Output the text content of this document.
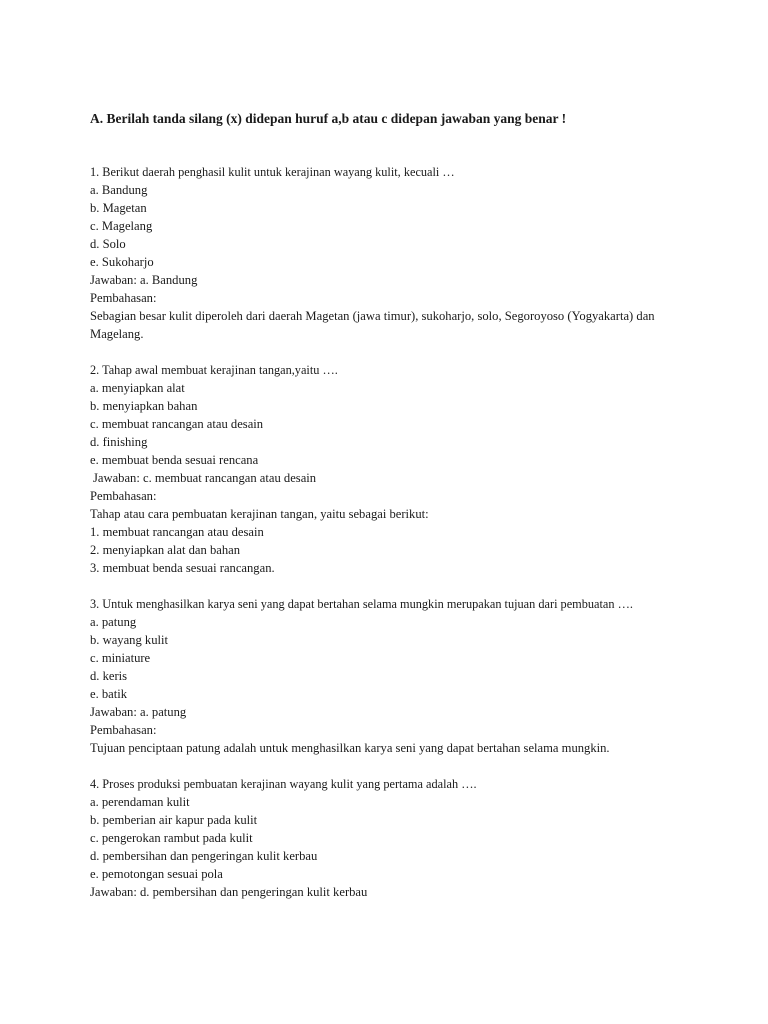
A. Berilah tanda silang (x) didepan huruf a,b atau c didepan jawaban yang benar !
1. Berikut daerah penghasil kulit untuk kerajinan wayang kulit, kecuali …
a. Bandung
b. Magetan
c. Magelang
d. Solo
e. Sukoharjo
Jawaban: a. Bandung
Pembahasan:
Sebagian besar kulit diperoleh dari daerah Magetan (jawa timur), sukoharjo, solo, Segoroyoso (Yogyakarta) dan Magelang.
2. Tahap awal membuat kerajinan tangan,yaitu ….
a. menyiapkan alat
b. menyiapkan bahan
c. membuat rancangan atau desain
d. finishing
e. membuat benda sesuai rencana
Jawaban: c. membuat rancangan atau desain
Pembahasan:
Tahap atau cara pembuatan kerajinan tangan, yaitu sebagai berikut:
1. membuat rancangan atau desain
2. menyiapkan alat dan bahan
3. membuat benda sesuai rancangan.
3. Untuk menghasilkan karya seni yang dapat bertahan selama mungkin merupakan tujuan dari pembuatan ….
a. patung
b. wayang kulit
c. miniature
d. keris
e. batik
Jawaban: a. patung
Pembahasan:
Tujuan penciptaan patung adalah untuk menghasilkan karya seni yang dapat bertahan selama mungkin.
4. Proses produksi pembuatan kerajinan wayang kulit yang pertama adalah ….
a. perendaman kulit
b. pemberian air kapur pada kulit
c. pengerokan rambut pada kulit
d. pembersihan dan pengeringan kulit kerbau
e. pemotongan sesuai pola
Jawaban: d. pembersihan dan pengeringan kulit kerbau
